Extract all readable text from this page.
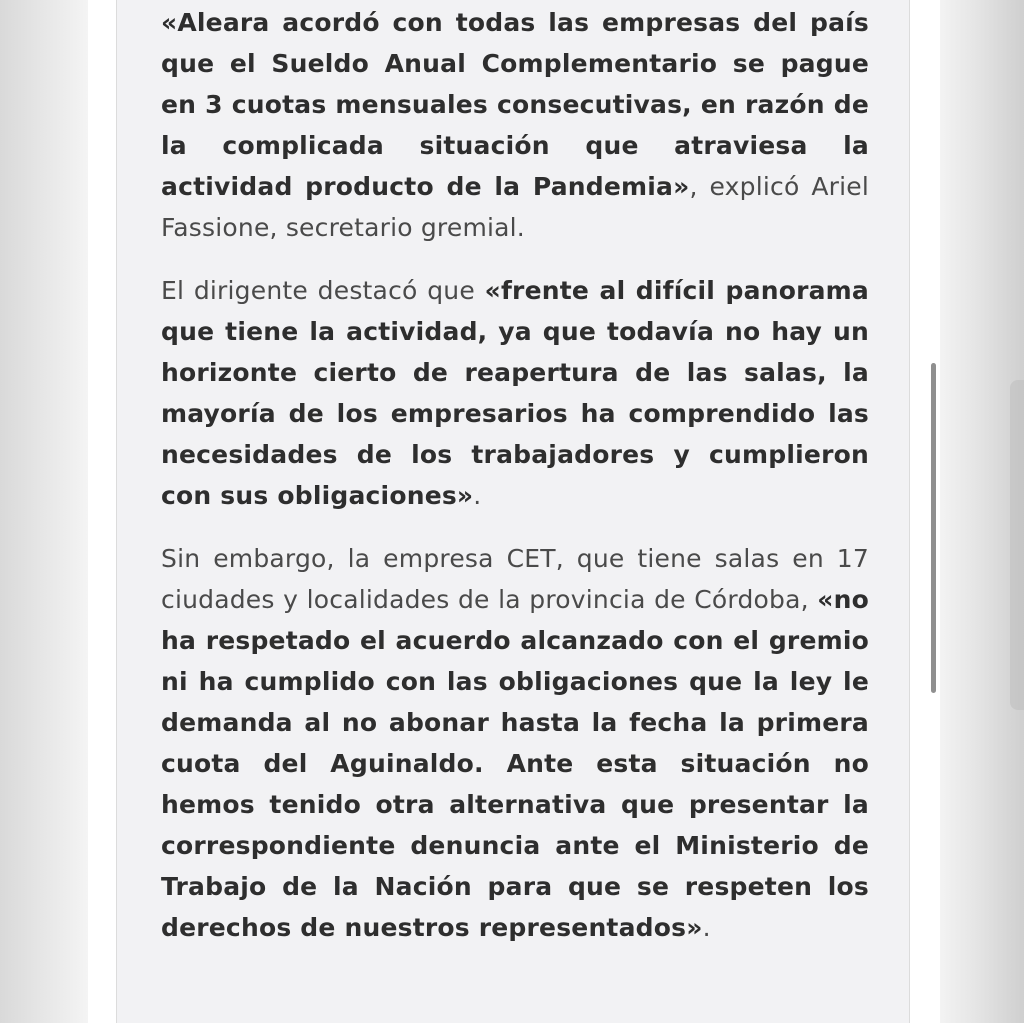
«Aleara acordó con todas las empresas del país que el Sueldo Anual Complementario se pague en 3 cuotas mensuales consecutivas, en razón de la complicada situación que atraviesa la actividad producto de la Pandemia», explicó Ariel Fassione, secretario gremial.

El dirigente destacó que «frente al difícil panorama que tiene la actividad, ya que todavía no hay un horizonte cierto de reapertura de las salas, la mayoría de los empresarios ha comprendido las necesidades de los trabajadores y cumplieron con sus obligaciones».

Sin embargo, la empresa CET, que tiene salas en 17 ciudades y localidades de la provincia de Córdoba, «no ha respetado el acuerdo alcanzado con el gremio ni ha cumplido con las obligaciones que la ley le demanda al no abonar hasta la fecha la primera cuota del Aguinaldo. Ante esta situación no hemos tenido otra alternativa que presentar la correspondiente denuncia ante el Ministerio de Trabajo de la Nación para que se respeten los derechos de nuestros representados».
